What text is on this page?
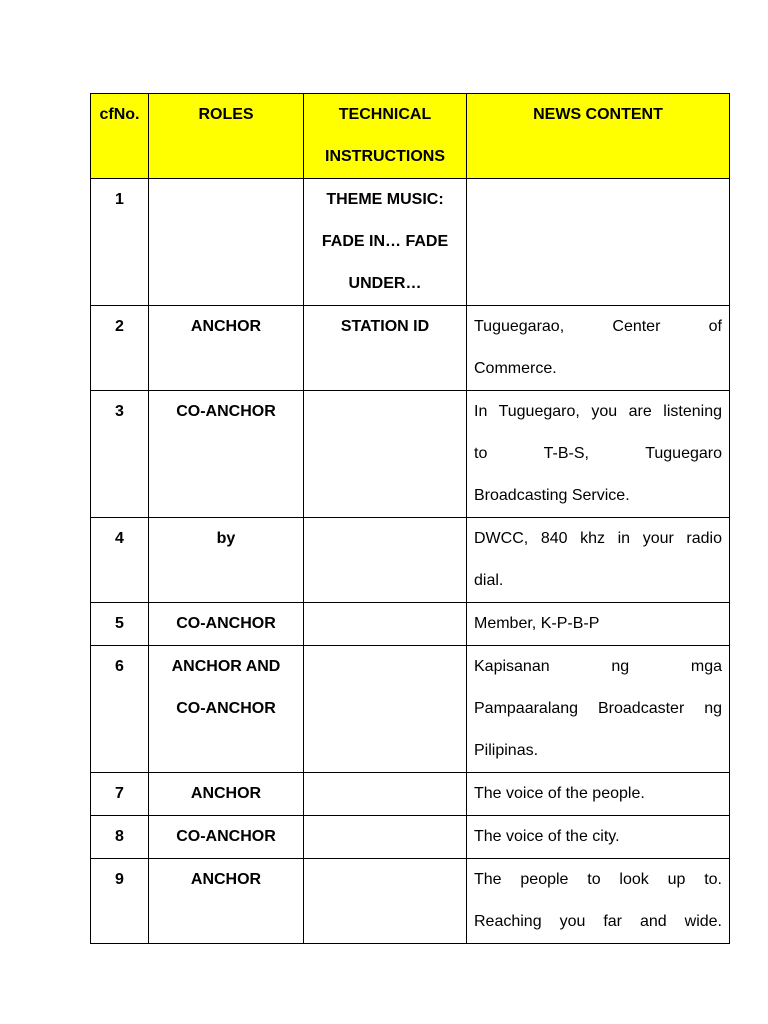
cfNo.	ROLES	TECHNICAL
INSTRUCTIONS	NEWS CONTENT

1		THEME MUSIC:
FADE IN… FADE
UNDER…	

2	ANCHOR	STATION ID	Tuguegarao, Center of
Commerce.

3	CO-ANCHOR		In Tuguegaro, you are listening
to T-B-S, Tuguegaro
Broadcasting Service.

4	by		DWCC, 840 khz in your radio
dial.

5	CO-ANCHOR		Member, K-P-B-P

6	ANCHOR AND
CO-ANCHOR		Kapisanan ng mga
Pampaaralang Broadcaster ng
Pilipinas.

7	ANCHOR		The voice of the people.

8	CO-ANCHOR		The voice of the city.

9	ANCHOR		The people to look up to.
Reaching you far and wide.
